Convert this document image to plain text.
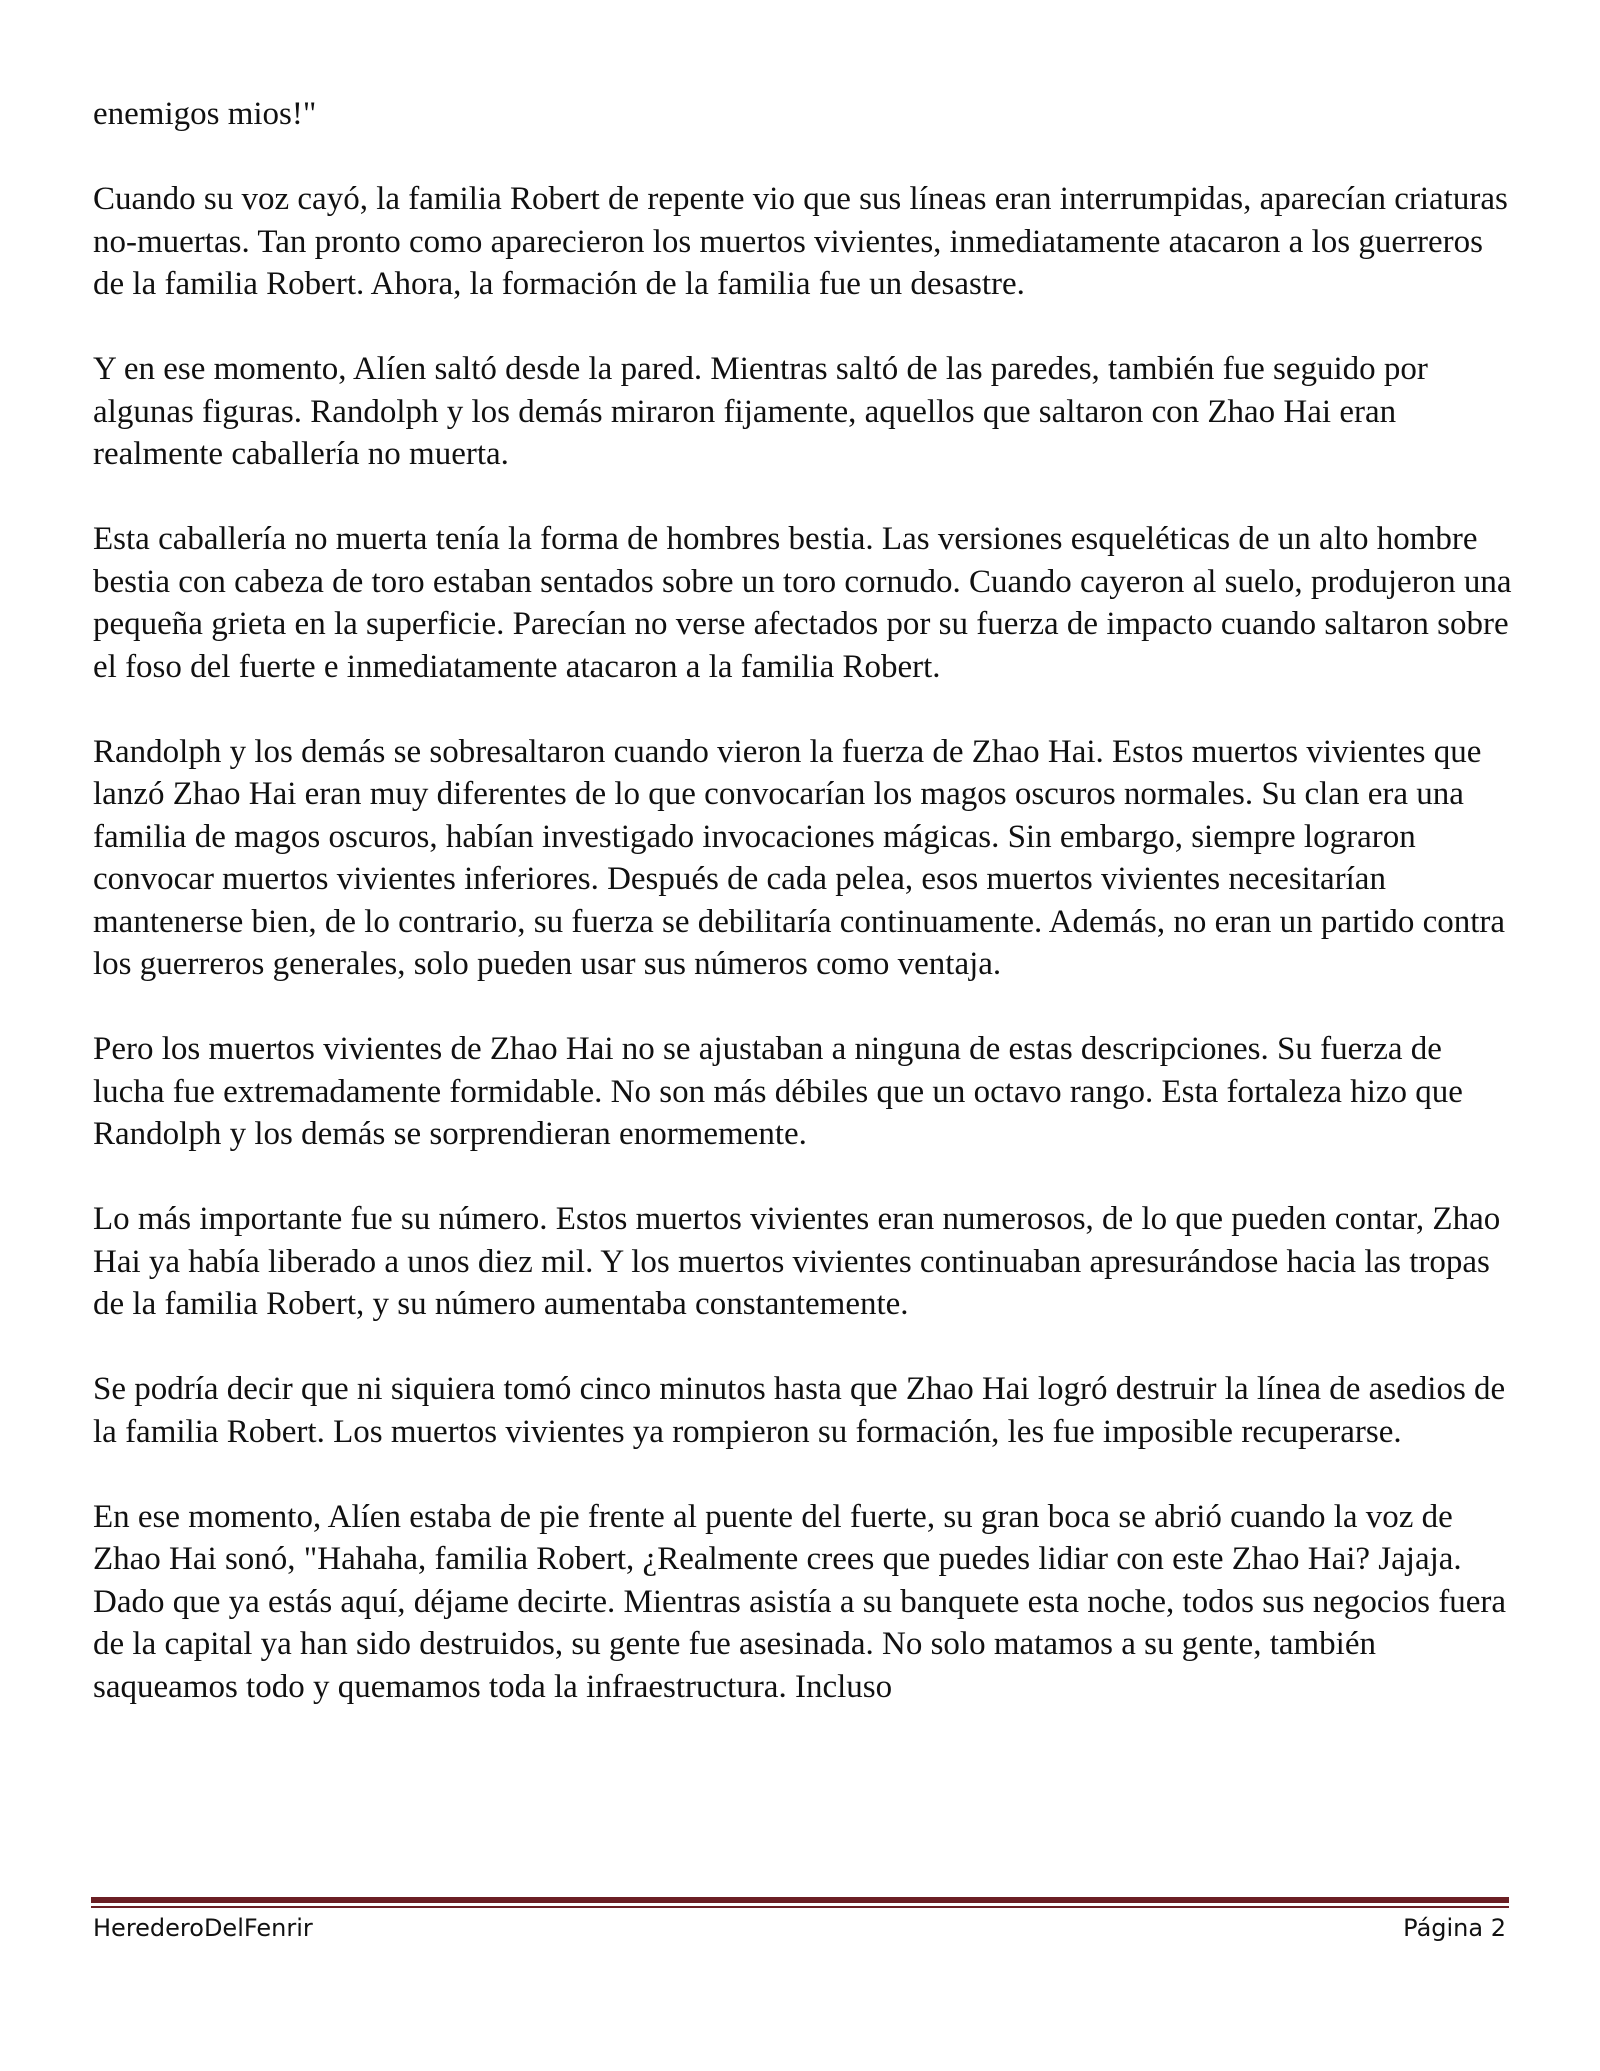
enemigos mios!"

Cuando su voz cayó, la familia Robert de repente vio que sus líneas eran interrumpidas, aparecían criaturas no-muertas. Tan pronto como aparecieron los muertos vivientes, inmediatamente atacaron a los guerreros de la familia Robert. Ahora, la formación de la familia fue un desastre.

Y en ese momento, Alíen saltó desde la pared. Mientras saltó de las paredes, también fue seguido por algunas figuras. Randolph y los demás miraron fijamente, aquellos que saltaron con Zhao Hai eran realmente caballería no muerta.

Esta caballería no muerta tenía la forma de hombres bestia. Las versiones esqueléticas de un alto hombre bestia con cabeza de toro estaban sentados sobre un toro cornudo. Cuando cayeron al suelo, produjeron una pequeña grieta en la superficie. Parecían no verse afectados por su fuerza de impacto cuando saltaron sobre el foso del fuerte e inmediatamente atacaron a la familia Robert.

Randolph y los demás se sobresaltaron cuando vieron la fuerza de Zhao Hai. Estos muertos vivientes que lanzó Zhao Hai eran muy diferentes de lo que convocarían los magos oscuros normales. Su clan era una familia de magos oscuros, habían investigado invocaciones mágicas. Sin embargo, siempre lograron convocar muertos vivientes inferiores. Después de cada pelea, esos muertos vivientes necesitarían mantenerse bien, de lo contrario, su fuerza se debilitaría continuamente. Además, no eran un partido contra los guerreros generales, solo pueden usar sus números como ventaja.

Pero los muertos vivientes de Zhao Hai no se ajustaban a ninguna de estas descripciones. Su fuerza de lucha fue extremadamente formidable. No son más débiles que un octavo rango. Esta fortaleza hizo que Randolph y los demás se sorprendieran enormemente.

Lo más importante fue su número. Estos muertos vivientes eran numerosos, de lo que pueden contar, Zhao Hai ya había liberado a unos diez mil. Y los muertos vivientes continuaban apresurándose hacia las tropas de la familia Robert, y su número aumentaba constantemente.

Se podría decir que ni siquiera tomó cinco minutos hasta que Zhao Hai logró destruir la línea de asedios de la familia Robert. Los muertos vivientes ya rompieron su formación, les fue imposible recuperarse.

En ese momento, Alíen estaba de pie frente al puente del fuerte, su gran boca se abrió cuando la voz de Zhao Hai sonó, "Hahaha, familia Robert, ¿Realmente crees que puedes lidiar con este Zhao Hai? Jajaja. Dado que ya estás aquí, déjame decirte. Mientras asistía a su banquete esta noche, todos sus negocios fuera de la capital ya han sido destruidos, su gente fue asesinada. No solo matamos a su gente, también saqueamos todo y quemamos toda la infraestructura. Incluso

HerederoDelFenrir	Página 2
